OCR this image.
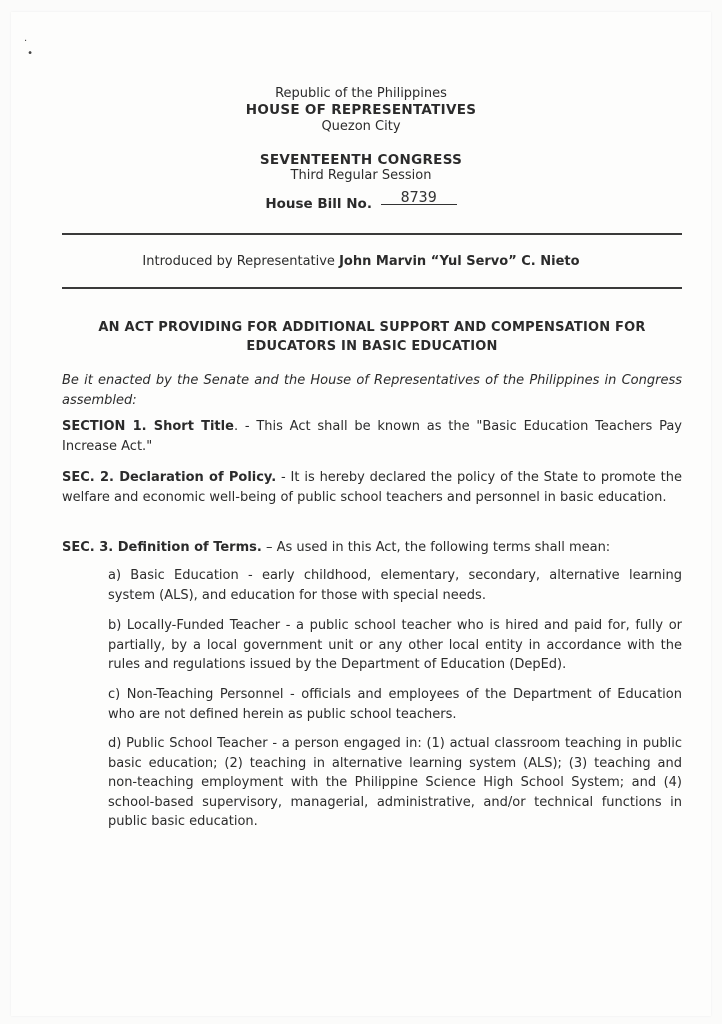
·
•
Republic of the Philippines
HOUSE OF REPRESENTATIVES
Quezon City
SEVENTEENTH CONGRESS
Third Regular Session
House Bill No. 8739
Introduced by Representative John Marvin “Yul Servo” C. Nieto
AN ACT PROVIDING FOR ADDITIONAL SUPPORT AND COMPENSATION FOR
EDUCATORS IN BASIC EDUCATION
Be it enacted by the Senate and the House of Representatives of the Philippines in Congress assembled:
SECTION 1. Short Title. - This Act shall be known as the "Basic Education Teachers Pay Increase Act."
SEC. 2. Declaration of Policy. - It is hereby declared the policy of the State to promote the welfare and economic well-being of public school teachers and personnel in basic education.
SEC. 3. Definition of Terms. – As used in this Act, the following terms shall mean:
a) Basic Education - early childhood, elementary, secondary, alternative learning system (ALS), and education for those with special needs.
b) Locally-Funded Teacher - a public school teacher who is hired and paid for, fully or partially, by a local government unit or any other local entity in accordance with the rules and regulations issued by the Department of Education (DepEd).
c) Non-Teaching Personnel - officials and employees of the Department of Education who are not defined herein as public school teachers.
d) Public School Teacher - a person engaged in: (1) actual classroom teaching in public basic education; (2) teaching in alternative learning system (ALS); (3) teaching and non-teaching employment with the Philippine Science High School System; and (4) school-based supervisory, managerial, administrative, and/or technical functions in public basic education.
